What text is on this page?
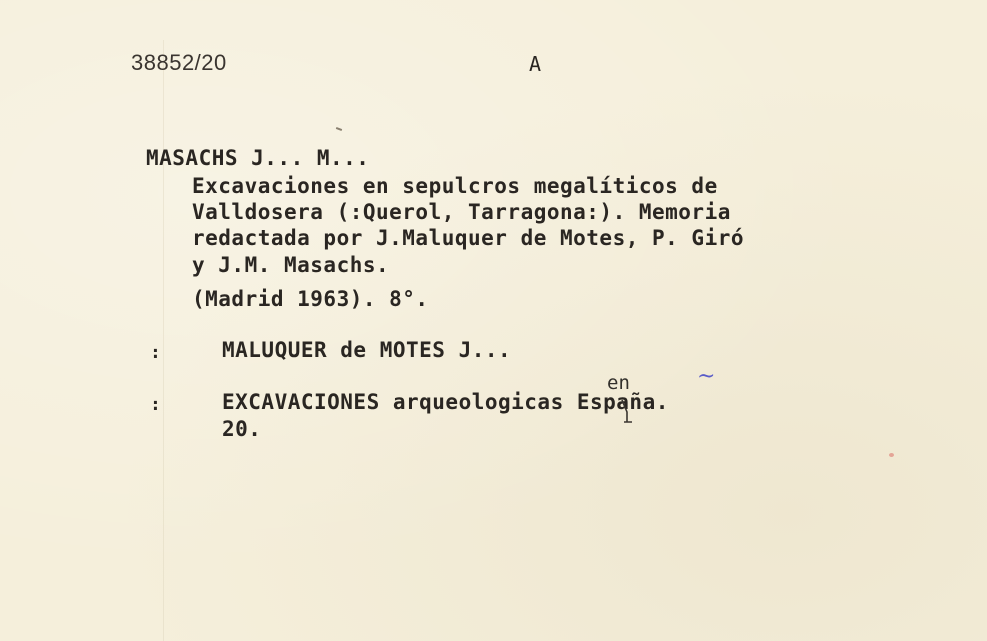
38852/20	A
MASACHS J... M...
Excavaciones en sepulcros megalíticos de
Valldosera (:Querol, Tarragona:). Memoria
redactada por J.Maluquer de Motes, P. Giró
y J.M. Masachs.
(Madrid 1963). 8°.
:	MALUQUER de MOTES J...
:	EXCAVACIONES arqueologicas España.
20.
en	~
